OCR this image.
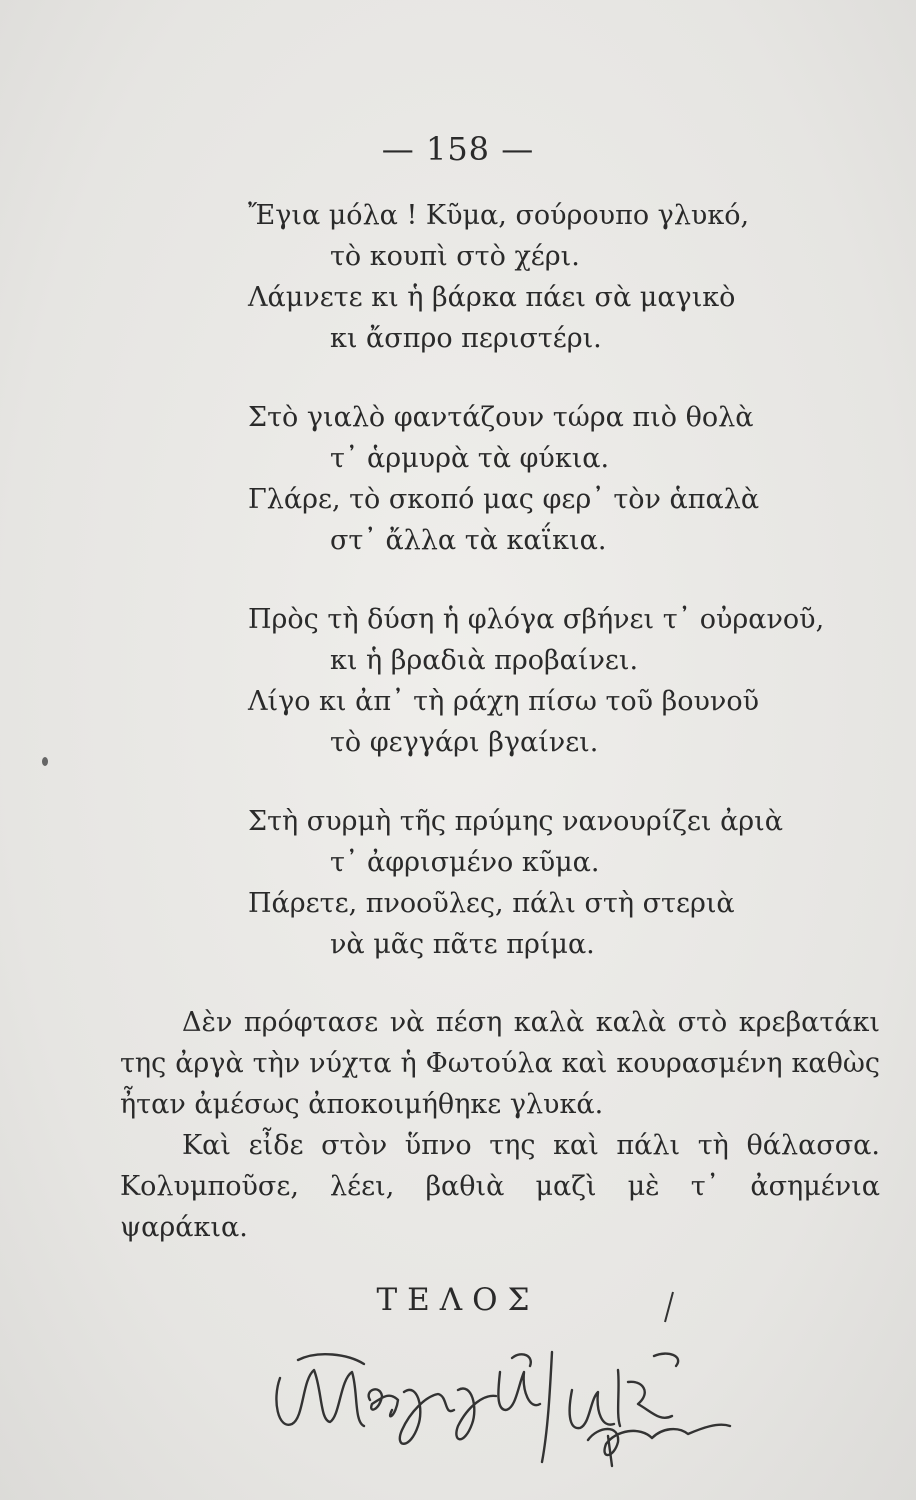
— 158 —
Ἔγια μόλα ! Κῦμα, σούρουπο γλυκό,
τὸ κουπὶ στὸ χέρι.
Λάμνετε κι ἡ βάρκα πάει σὰ μαγικὸ
κι ἄσπρο περιστέρι.
Στὸ γιαλὸ φαντάζουν τώρα πιὸ θολὰ
τ᾽ ἁρμυρὰ τὰ φύκια.
Γλάρε, τὸ σκοπό μας φερ᾽ τὸν ἁπαλὰ
στ᾽ ἄλλα τὰ καΐκια.
Πρὸς τὴ δύση ἡ φλόγα σβήνει τ᾽ οὐρανοῦ,
κι ἡ βραδιὰ προβαίνει.
Λίγο κι ἀπ᾽ τὴ ράχη πίσω τοῦ βουνοῦ
τὸ φεγγάρι βγαίνει.
Στὴ συρμὴ τῆς πρύμης νανουρίζει ἀριὰ
τ᾽ ἀφρισμένο κῦμα.
Πάρετε, πνοοῦλες, πάλι στὴ στεριὰ
νὰ μᾶς πᾶτε πρίμα.

Δὲν πρόφτασε νὰ πέση καλὰ καλὰ στὸ κρεβατάκι της ἀργὰ τὴν νύχτα ἡ Φωτούλα καὶ κουρασμένη καθὼς ἦταν ἀμέσως ἀποκοιμήθηκε γλυκά.

Καὶ εἶδε στὸν ὕπνο της καὶ πάλι τὴ θάλασσα. Κολυμποῦσε, λέει, βαθιὰ μαζὶ μὲ τ᾽ ἀσημένια ψαράκια.

ΤΕΛΟΣ
